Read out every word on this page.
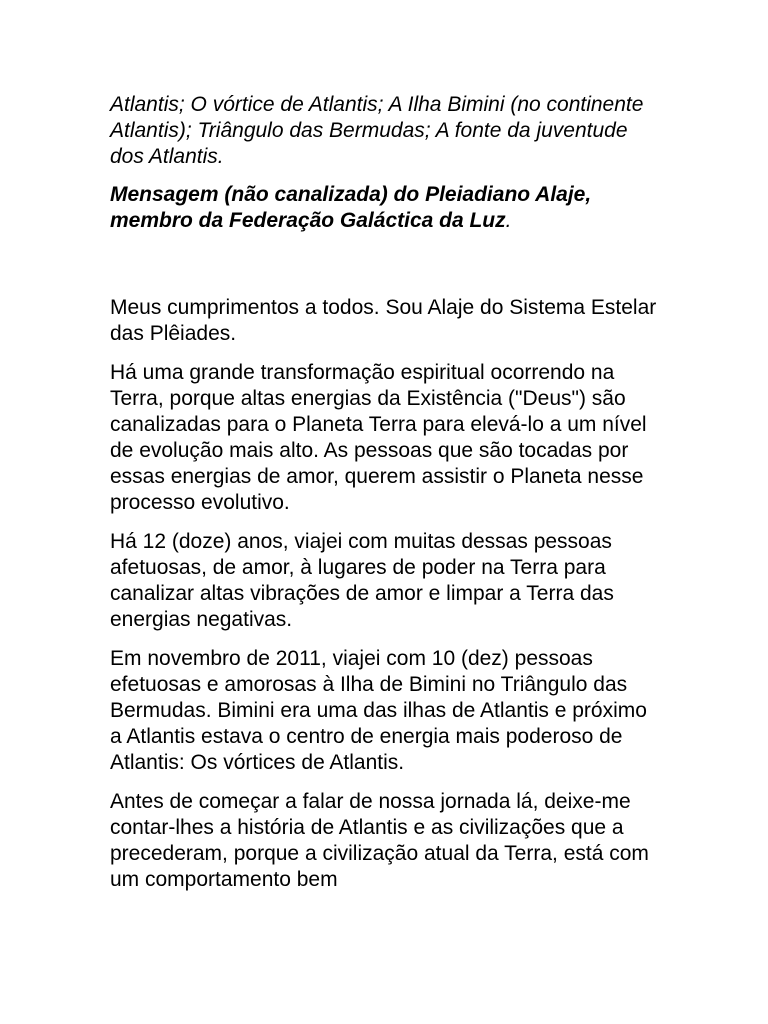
Atlantis; O vórtice de Atlantis; A Ilha Bimini (no continente Atlantis); Triângulo das Bermudas; A fonte da juventude dos Atlantis.

Mensagem (não canalizada) do Pleiadiano Alaje, membro da Federação Galáctica da Luz.

Meus cumprimentos a todos. Sou Alaje do Sistema Estelar das Plêiades.

Há uma grande transformação espiritual ocorrendo na Terra, porque altas energias da Existência ("Deus") são canalizadas para o Planeta Terra para elevá-lo a um nível de evolução mais alto. As pessoas que são tocadas por essas energias de amor, querem assistir o Planeta nesse processo evolutivo.

Há 12 (doze) anos, viajei com muitas dessas pessoas afetuosas, de amor, à lugares de poder na Terra para canalizar altas vibrações de amor e limpar a Terra das energias negativas.

Em novembro de 2011, viajei com 10 (dez) pessoas efetuosas e amorosas à Ilha de Bimini no Triângulo das Bermudas. Bimini era uma das ilhas de Atlantis e próximo a Atlantis estava o centro de energia mais poderoso de Atlantis: Os vórtices de Atlantis.

Antes de começar a falar de nossa jornada lá, deixe-me contar-lhes a história de Atlantis e as civilizações que a precederam, porque a civilização atual da Terra, está com um comportamento bem
